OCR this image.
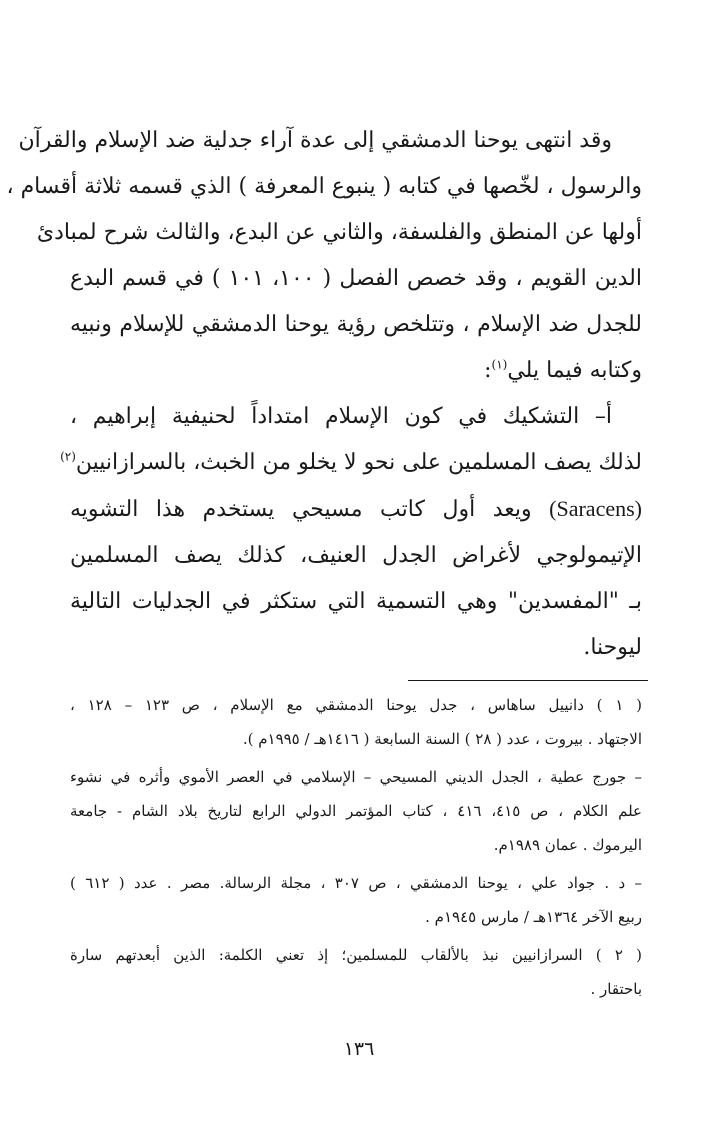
وقد انتهى يوحنا الدمشقي إلى عدة آراء جدلية ضد الإسلام والقرآن
والرسول ، لخّصها في كتابه ( ينبوع المعرفة ) الذي قسمه ثلاثة أقسام ،
أولها عن المنطق والفلسفة، والثاني عن البدع، والثالث شرح لمبادئ
الدين القويم ، وقد خصص الفصل ( ١٠٠، ١٠١ ) في قسم البدع
للجدل ضد الإسلام ، وتتلخص رؤية يوحنا الدمشقي للإسلام ونبيه
وكتابه فيما يلي$^{(١)}$:

أ– التشكيك في كون الإسلام امتداداً لحنيفية إبراهيم ،
لذلك يصف المسلمين على نحو لا يخلو من الخبث، بالسرازانيين$^{(٢)}$
(Saracens) ويعد أول كاتب مسيحي يستخدم هذا التشويه
الإتيمولوجي لأغراض الجدل العنيف، كذلك يصف المسلمين
بـ "المفسدين" وهي التسمية التي ستكثر في الجدليات التالية
ليوحنا.

( ١ ) دانييل ساهاس ، جدل يوحنا الدمشقي مع الإسلام ، ص ١٢٣ – ١٢٨ ،
الاجتهاد . بيروت ، عدد ( ٢٨ ) السنة السابعة ( ١٤١٦هـ / ١٩٩٥م ).
– جورج عطية ، الجدل الديني المسيحي – الإسلامي في العصر الأموي وأثره في نشوء
علم الكلام ، ص ٤١٥، ٤١٦ ، كتاب المؤتمر الدولي الرابع لتاريخ بلاد الشام - جامعة
اليرموك . عمان ١٩٨٩م.
– د . جواد علي ، يوحنا الدمشقي ، ص ٣٠٧ ، مجلة الرسالة. مصر . عدد ( ٦١٢ )
ربيع الآخر ١٣٦٤هـ / مارس ١٩٤٥م .
( ٢ ) السرازانيين نبذ بالألقاب للمسلمين؛ إذ تعني الكلمة: الذين أبعدتهم سارة
باحتقار .
١٣٦
